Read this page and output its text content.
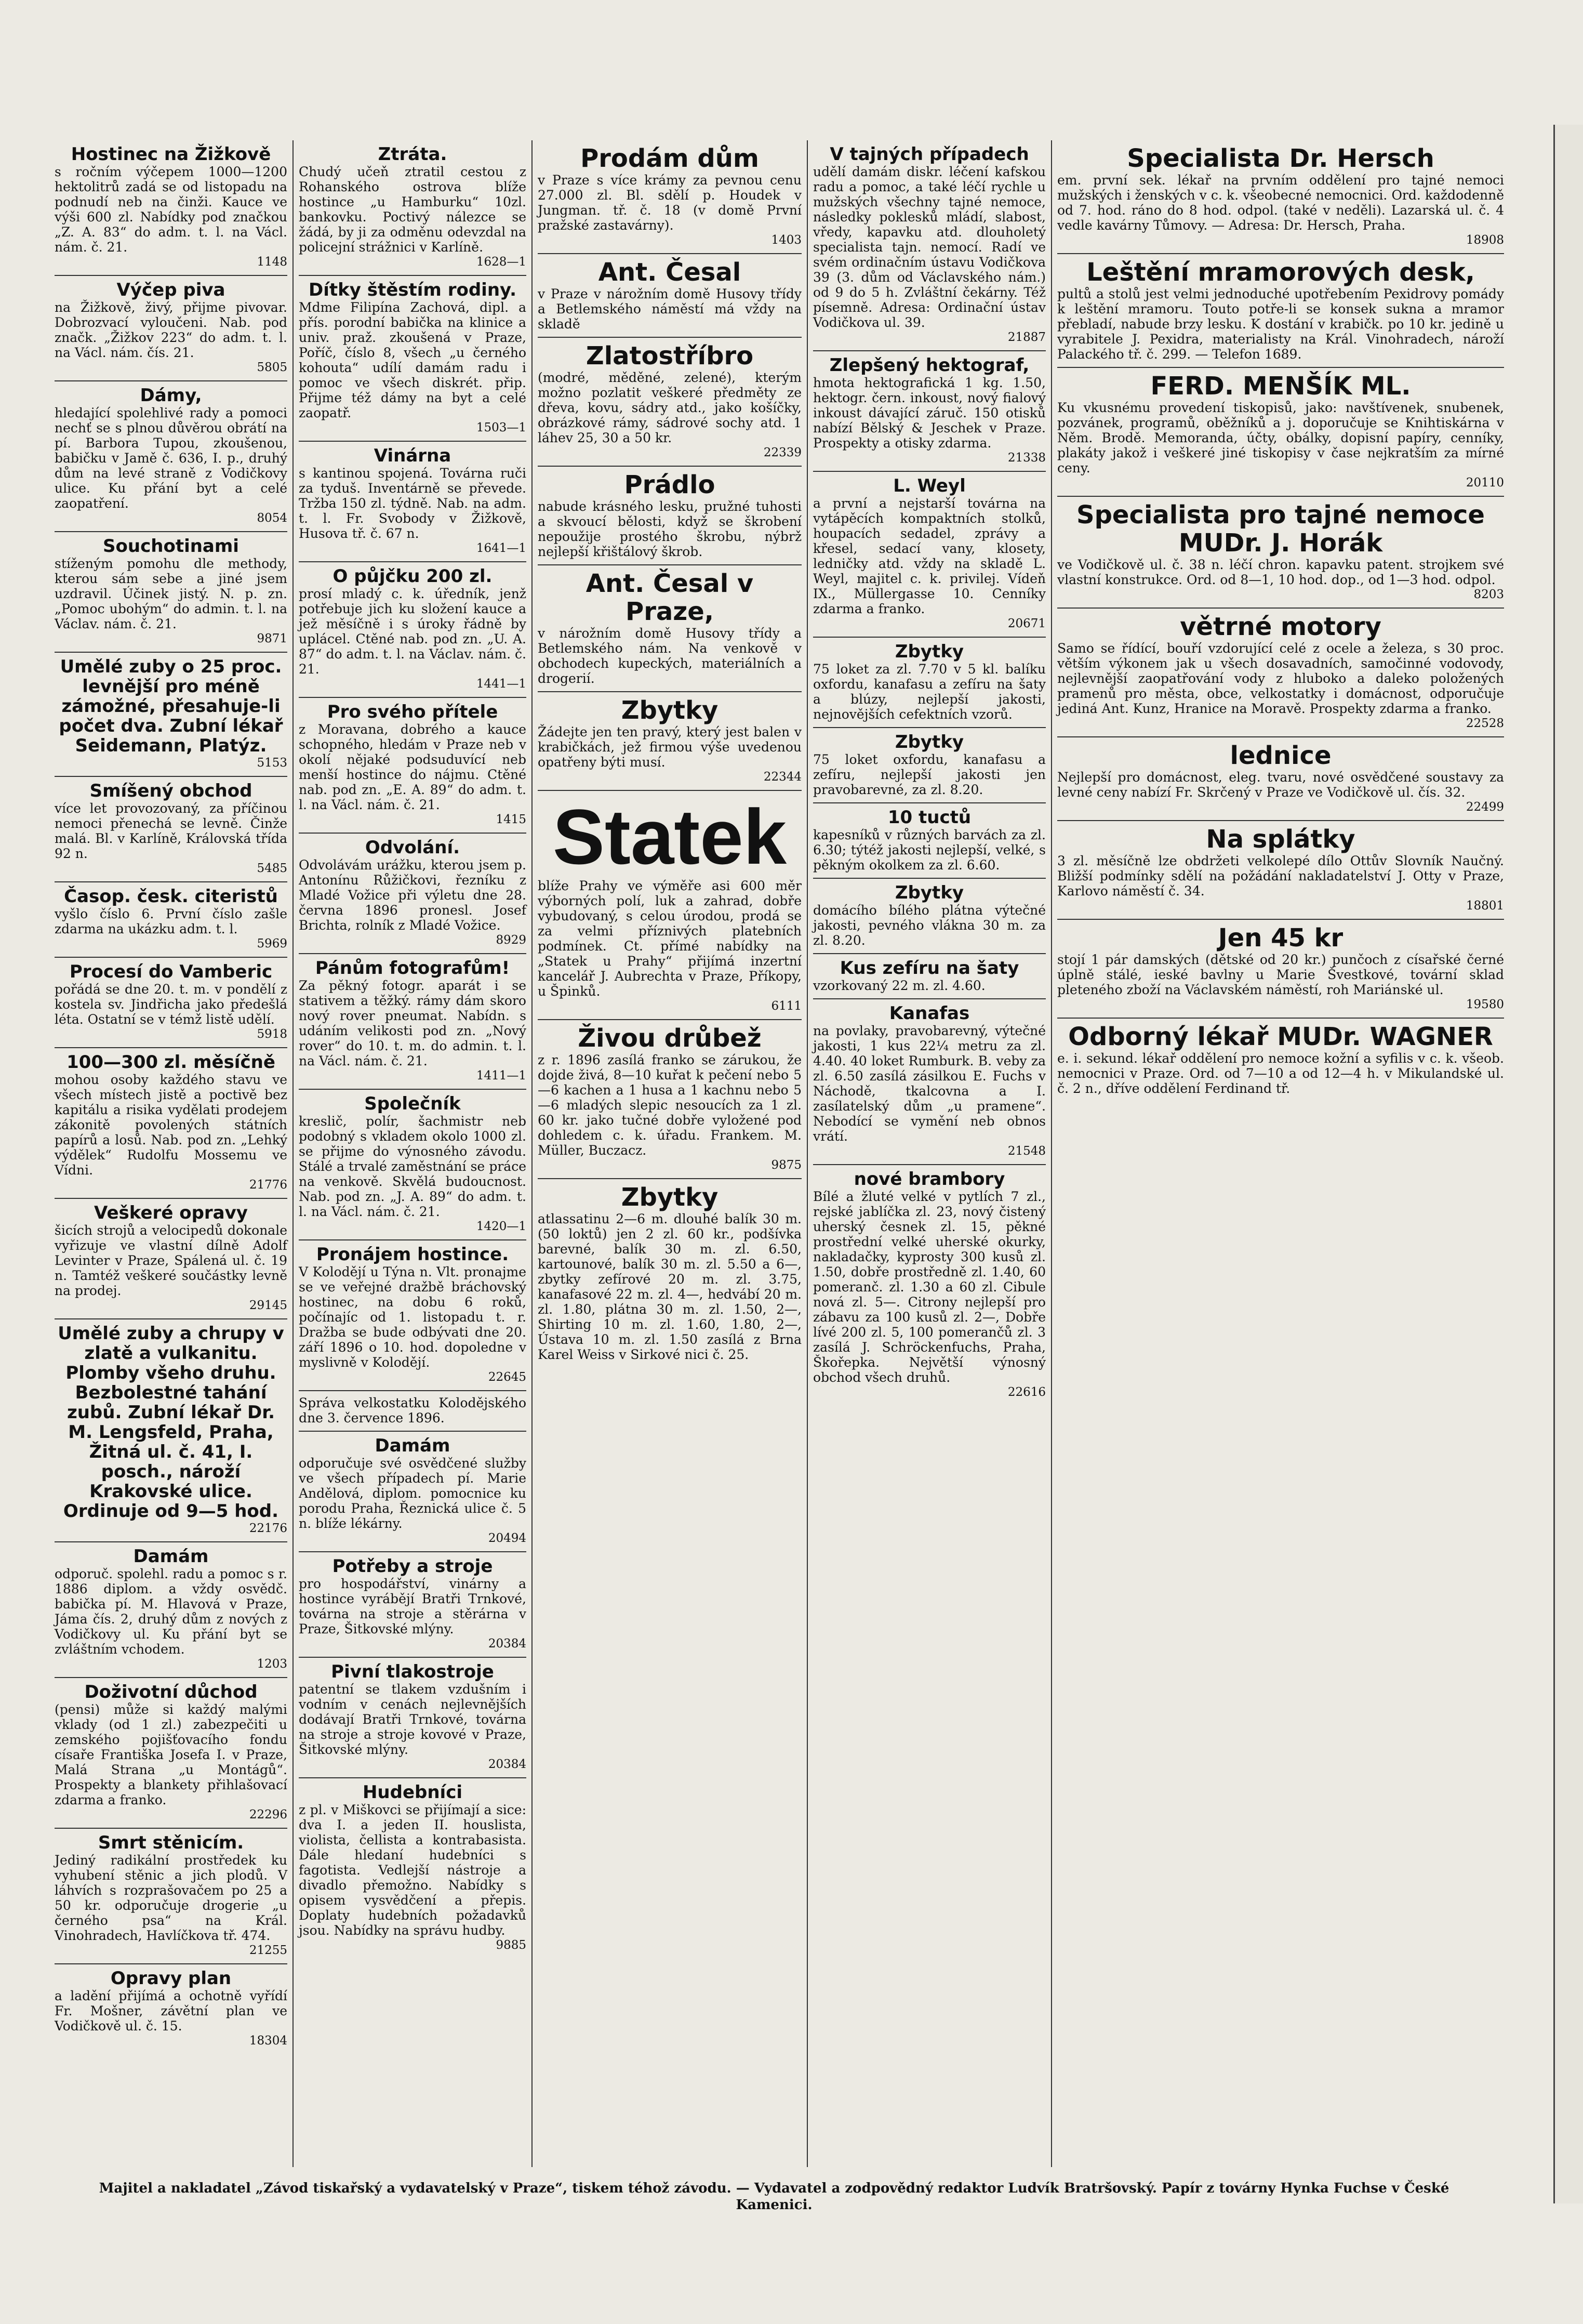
Hostinec na Žižkově
s ročním výčepem 1000—1200 hektolitrů zadá se od listopadu na podnudí neb na činži. Kauce ve výši 600 zl. Nabídky pod značkou „Z. A. 83“ do adm. t. l. na Václ. nám. č. 21.
1148
Výčep piva
na Žižkově, živý, přijme pivovar. Dobrozvací vyloučeni. Nab. pod značk. „Žižkov 223“ do adm. t. l. na Václ. nám. čís. 21.
5805
Dámy,
hledající spolehlivé rady a pomoci nechť se s plnou důvěrou obrátí na pí. Barbora Tupou, zkoušenou, babičku v Jamě č. 636, I. p., druhý dům na levé straně z Vodičkovy ulice. Ku přání byt a celé zaopatření.
8054
Souchotinami
stíženým pomohu dle methody, kterou sám sebe a jiné jsem uzdravil. Účinek jistý. N. p. zn. „Pomoc ubohým“ do admin. t. l. na Václav. nám. č. 21.
9871
Umělé zuby o 25 proc. levnější pro méně zámožné, přesahuje-li počet dva. Zubní lékař Seidemann, Platýz.
5153
Smíšený obchod
více let provozovaný, za příčinou nemoci přenechá se levně. Činže malá. Bl. v Karlíně, Královská třída 92 n.
5485
Časop. česk. citeristů
vyšlo číslo 6. První číslo zašle zdarma na ukázku adm. t. l.
5969
Procesí do Vamberic
pořádá se dne 20. t. m. v pondělí z kostela sv. Jindřicha jako předešlá léta. Ostatní se v témž listě udělí.
5918
100—300 zl. měsíčně
mohou osoby každého stavu ve všech místech jistě a poctivě bez kapitálu a risika vydělati prodejem zákonitě povolených státních papírů a losů. Nab. pod zn. „Lehký výdělek“ Rudolfu Mossemu ve Vídni.
21776
Veškeré opravy
šicích strojů a velocipedů dokonale vyřizuje ve vlastní dílně Adolf Levinter v Praze, Spálená ul. č. 19 n. Tamtéž veškeré součástky levně na prodej.
29145
Umělé zuby a chrupy v zlatě a vulkanitu. Plomby všeho druhu. Bezbolestné tahání zubů. Zubní lékař Dr. M. Lengsfeld, Praha, Žitná ul. č. 41, I. posch., nároží Krakovské ulice. Ordinuje od 9—5 hod.
22176
Damám
odporuč. spolehl. radu a pomoc s r. 1886 diplom. a vždy osvědč. babička pí. M. Hlavová v Praze, Jáma čís. 2, druhý dům z nových z Vodičkovy ul. Ku přání byt se zvláštním vchodem.
1203
Doživotní důchod
(pensi) může si každý malými vklady (od 1 zl.) zabezpečiti u zemského pojišťovacího fondu císaře Františka Josefa I. v Praze, Malá Strana „u Montágů“. Prospekty a blankety přihlašovací zdarma a franko.
22296
Smrt stěnicím.
Jediný radikální prostředek ku vyhubení stěnic a jich plodů. V láhvích s rozprašovačem po 25 a 50 kr. odporučuje drogerie „u černého psa“ na Král. Vinohradech, Havlíčkova tř. 474.
21255
Opravy plan
a ladění přijímá a ochotně vyřídí Fr. Mošner, závětní plan ve Vodičkově ul. č. 15.
18304
Ztráta.
Chudý učeň ztratil cestou z Rohanského ostrova blíže hostince „u Hamburku“ 10zl. bankovku. Poctivý nálezce se žádá, by ji za odměnu odevzdal na policejní strážnici v Karlíně.
1628—1
Dítky štěstím rodiny.
Mdme Filipína Zachová, dipl. a přís. porodní babička na klinice a univ. praž. zkoušená v Praze, Poříč, číslo 8, všech „u černého kohouta“ udílí damám radu i pomoc ve všech diskrét. přip. Přijme též dámy na byt a celé zaopatř.
1503—1
Vinárna
s kantinou spojená. Továrna ruči za tyduš. Inventárně se převede. Tržba 150 zl. týdně. Nab. na adm. t. l. Fr. Svobody v Žižkově, Husova tř. č. 67 n.
1641—1
O půjčku 200 zl.
prosí mladý c. k. úředník, jenž potřebuje jich ku složení kauce a jež měsíčně i s úroky řádně by uplácel. Ctěné nab. pod zn. „U. A. 87“ do adm. t. l. na Václav. nám. č. 21.
1441—1
Pro svého přítele
z Moravana, dobrého a kauce schopného, hledám v Praze neb v okolí nějaké podsuduvící neb menší hostince do nájmu. Ctěné nab. pod zn. „E. A. 89“ do adm. t. l. na Václ. nám. č. 21.
1415
Odvolání.
Odvolávám urážku, kterou jsem p. Antonínu Růžičkovi, řezníku z Mladé Vožice při výletu dne 28. června 1896 pronesl. Josef Brichta, rolník z Mladé Vožice.
8929
Pánům fotografům!
Za pěkný fotogr. aparát i se stativem a těžký. rámy dám skoro nový rover pneumat. Nabídn. s udáním velikosti pod zn. „Nový rover“ do 10. t. m. do admin. t. l. na Václ. nám. č. 21.
1411—1
Společník
kreslič, polír, šachmistr neb podobný s vkladem okolo 1000 zl. se přijme do výnosného závodu. Stálé a trvalé zaměstnání se práce na venkově. Skvělá budoucnost. Nab. pod zn. „J. A. 89“ do adm. t. l. na Václ. nám. č. 21.
1420—1
Pronájem hostince.
V Kolodějí u Týna n. Vlt. pronajme se ve veřejné dražbě bráchovský hostinec, na dobu 6 roků, počínajíc od 1. listopadu t. r. Dražba se bude odbývati dne 20. září 1896 o 10. hod. dopoledne v myslivně v Kolodějí.
22645
Správa velkostatku Kolodějského dne 3. července 1896.
Damám
odporučuje své osvědčené služby ve všech případech pí. Marie Andělová, diplom. pomocnice ku porodu Praha, Řeznická ulice č. 5 n. blíže lékárny.
20494
Potřeby a stroje
pro hospodářství, vinárny a hostince vyrábějí Bratři Trnkové, továrna na stroje a stěrárna v Praze, Šitkovské mlýny.
20384
Pivní tlakostroje
patentní se tlakem vzdušním i vodním v cenách nejlevnějších dodávají Bratři Trnkové, továrna na stroje a stroje kovové v Praze, Šitkovské mlýny.
20384
Hudebníci
z pl. v Miškovci se přijímají a sice: dva I. a jeden II. houslista, violista, čellista a kontrabasista. Dále hledaní hudebníci s fagotista. Vedlejší nástroje a divadlo přemožno. Nabídky s opisem vysvědčení a přepis. Doplaty hudebních požadavků jsou. Nabídky na správu hudby.
9885
Prodám dům
v Praze s více krámy za pevnou cenu 27.000 zl. Bl. sdělí p. Houdek v Jungman. tř. č. 18 (v domě První pražské zastavárny).
1403
Ant. Česal
v Praze v nárožním domě Husovy třídy a Betlemského náměstí má vždy na skladě
Zlatostříbro
(modré, měděné, zelené), kterým možno pozlatit veškeré předměty ze dřeva, kovu, sádry atd., jako košíčky, obrázkové rámy, sádrové sochy atd. 1 láhev 25, 30 a 50 kr.
22339
Prádlo
nabude krásného lesku, pružné tuhosti a skvoucí bělosti, když se škrobení nepoužije prostého škrobu, nýbrž nejlepší křištálový škrob.
Ant. Česal v Praze,
v nárožním domě Husovy třídy a Betlemského nám. Na venkově v obchodech kupeckých, materiálních a drogerií.
Zbytky
Žádejte jen ten pravý, který jest balen v krabičkách, jež firmou výše uvedenou opatřeny býti musí.
22344
Statek
blíže Prahy ve výměře asi 600 měr výborných polí, luk a zahrad, dobře vybudovaný, s celou úrodou, prodá se za velmi příznivých platebních podmínek. Ct. přímé nabídky na „Statek u Prahy“ přijímá inzertní kancelář J. Aubrechta v Praze, Příkopy, u Špinků.
6111
Živou drůbež
z r. 1896 zasílá franko se zárukou, že dojde živá, 8—10 kuřat k pečení nebo 5—6 kachen a 1 husa a 1 kachnu nebo 5—6 mladých slepic nesoucích za 1 zl. 60 kr. jako tučné dobře vyložené pod dohledem c. k. úřadu. Frankem. M. Müller, Buczacz.
9875
Zbytky
atlassatinu 2—6 m. dlouhé balík 30 m. (50 loktů) jen 2 zl. 60 kr., podšívka barevné, balík 30 m. zl. 6.50, kartounové, balík 30 m. zl. 5.50 a 6—, zbytky zefírové 20 m. zl. 3.75, kanafasové 22 m. zl. 4—, hedvábí 20 m. zl. 1.80, plátna 30 m. zl. 1.50, 2—, Shirting 10 m. zl. 1.60, 1.80, 2—, Ústava 10 m. zl. 1.50 zasílá z Brna Karel Weiss v Sirkové nici č. 25.
V tajných případech
udělí damám diskr. léčení kafskou radu a pomoc, a také léčí rychle u mužských všechny tajné nemoce, následky poklesků mládí, slabost, vředy, kapavku atd. dlouholetý specialista tajn. nemocí. Radí ve svém ordinačním ústavu Vodičkova 39 (3. dům od Václavského nám.) od 9 do 5 h. Zvláštní čekárny. Též písemně. Adresa: Ordinační ústav Vodičkova ul. 39.
21887
Zlepšený hektograf,
hmota hektografická 1 kg. 1.50, hektogr. čern. inkoust, nový fialový inkoust dávající záruč. 150 otisků nabízí Bělský & Jeschek v Praze. Prospekty a otisky zdarma.
21338
L. Weyl
a první a nejstarší továrna na vytápěcích kompaktních stolků, houpacích sedadel, zprávy a křesel, sedací vany, klosety, ledničky atd. vždy na skladě L. Weyl, majitel c. k. privilej. Vídeň IX., Müllergasse 10. Cenníky zdarma a franko.
20671
Zbytky
75 loket za zl. 7.70 v 5 kl. balíku oxfordu, kanafasu a zefíru na šaty a blúzy, nejlepší jakosti, nejnovějších cefektních vzorů.
Zbytky
75 loket oxfordu, kanafasu a zefíru, nejlepší jakosti jen pravobarevné, za zl. 8.20.
10 tuctů
kapesníků v různých barvách za zl. 6.30; týtéž jakosti nejlepší, velké, s pěkným okolkem za zl. 6.60.
Zbytky
domácího bílého plátna výtečné jakosti, pevného vlákna 30 m. za zl. 8.20.
Kus zefíru na šaty
vzorkovaný 22 m. zl. 4.60.
Kanafas
na povlaky, pravobarevný, výtečné jakosti, 1 kus 22¼ metru za zl. 4.40. 40 loket Rumburk. B. veby za zl. 6.50 zasílá zásilkou E. Fuchs v Náchodě, tkalcovna a I. zasílatelský dům „u pramene“. Nebodící se vymění neb obnos vrátí.
21548
nové brambory
Bílé a žluté velké v pytlích 7 zl., rejské jablíčka zl. 23, nový čistený uherský česnek zl. 15, pěkné prostřední velké uherské okurky, nakladačky, kyprosty 300 kusů zl. 1.50, dobře prostředně zl. 1.40, 60 pomeranč. zl. 1.30 a 60 zl. Cibule nová zl. 5—. Citrony nejlepší pro zábavu za 100 kusů zl. 2—, Dobře lívé 200 zl. 5, 100 pomerančů zl. 3 zasílá J. Schröckenfuchs, Praha, Škořepka. Největší výnosný obchod všech druhů.
22616
Specialista Dr. Hersch
em. první sek. lékař na prvním oddělení pro tajné nemoci mužských i ženských v c. k. všeobecné nemocnici. Ord. každodenně od 7. hod. ráno do 8 hod. odpol. (také v neděli). Lazarská ul. č. 4 vedle kavárny Tůmovy. — Adresa: Dr. Hersch, Praha.
18908
Leštění mramorových desk,
pultů a stolů jest velmi jednoduché upotřebením Pexidrovy pomády k leštění mramoru. Touto potře-li se konsek sukna a mramor přebladí, nabude brzy lesku. K dostání v krabičk. po 10 kr. jedině u vyrabitele J. Pexidra, materialisty na Král. Vinohradech, nároží Palackého tř. č. 299. — Telefon 1689.
FERD. MENŠÍK ML.
Ku vkusnému provedení tiskopisů, jako: navštívenek, snubenek, pozvánek, programů, oběžníků a j. doporučuje se Knihtiskárna v Něm. Brodě. Memoranda, účty, obálky, dopisní papíry, cenníky, plakáty jakož i veškeré jiné tiskopisy v čase nejkratším za mírné ceny.
20110
Specialista pro tajné nemoce MUDr. J. Horák
ve Vodičkově ul. č. 38 n. léčí chron. kapavku patent. strojkem své vlastní konstrukce. Ord. od 8—1, 10 hod. dop., od 1—3 hod. odpol.
8203
větrné motory
Samo se řídící, bouří vzdorující celé z ocele a železa, s 30 proc. větším výkonem jak u všech dosavadních, samočinné vodovody, nejlevnější zaopatřování vody z hluboko a daleko položených pramenů pro města, obce, velkostatky i domácnost, odporučuje jediná Ant. Kunz, Hranice na Moravě. Prospekty zdarma a franko.
22528
lednice
Nejlepší pro domácnost, eleg. tvaru, nové osvědčené soustavy za levné ceny nabízí Fr. Skrčený v Praze ve Vodičkově ul. čís. 32.
22499
Na splátky
3 zl. měsíčně lze obdržeti velkolepé dílo Ottův Slovník Naučný. Bližší podmínky sdělí na požádání nakladatelství J. Otty v Praze, Karlovo náměstí č. 34.
18801
Jen 45 kr
stojí 1 pár damských (dětské od 20 kr.) punčoch z císařské černé úplně stálé, ieské bavlny u Marie Švestkové, tovární sklad pleteného zboží na Václavském náměstí, roh Mariánské ul.
19580
Odborný lékař MUDr. WAGNER
e. i. sekund. lékař oddělení pro nemoce kožní a syfilis v c. k. všeob. nemocnici v Praze. Ord. od 7—10 a od 12—4 h. v Mikulandské ul. č. 2 n., dříve oddělení Ferdinand tř.
Majitel a nakladatel „Závod tiskařský a vydavatelský v Praze“, tiskem téhož závodu. — Vydavatel a zodpovědný redaktor Ludvík Bratršovský. Papír z továrny Hynka Fuchse v České Kamenici.
